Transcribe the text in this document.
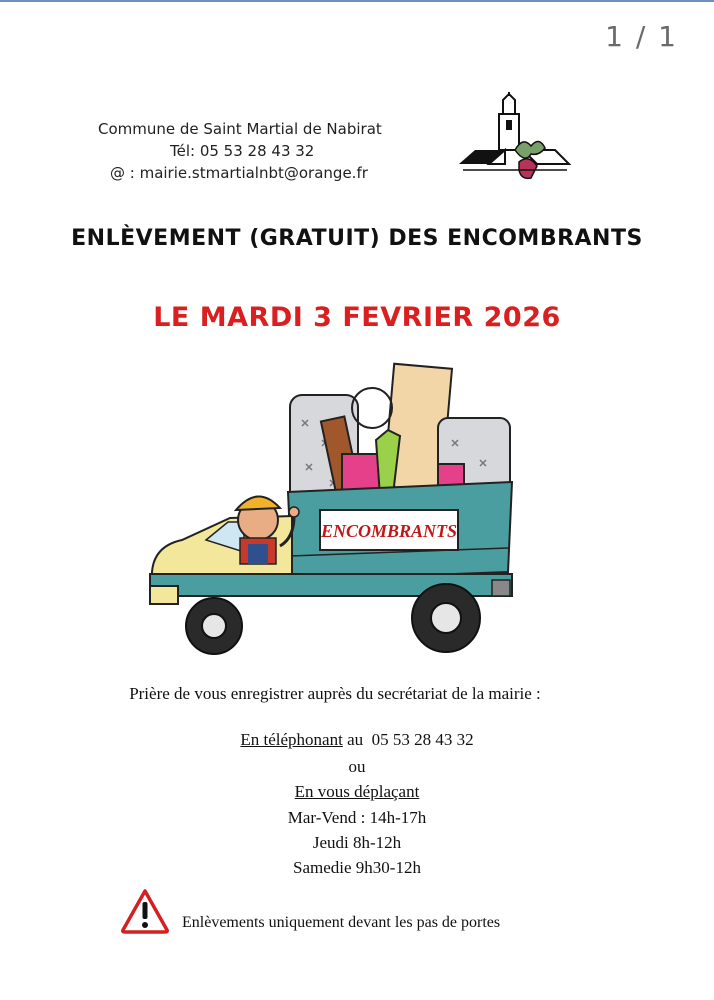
1 / 1
Commune de Saint Martial de Nabirat
Tél: 05 53 28 43 32
@ : mairie.stmartialnbt@orange.fr
ENLÈVEMENT (GRATUIT) DES ENCOMBRANTS
LE MARDI 3 FEVRIER 2026
ENCOMBRANTS
Prière de vous enregistrer auprès du secrétariat de la mairie :
En téléphonant au 05 53 28 43 32
ou
En vous déplaçant
Mar-Vend : 14h-17h
Jeudi 8h-12h
Samedie 9h30-12h
Enlèvements uniquement devant les pas de portes
